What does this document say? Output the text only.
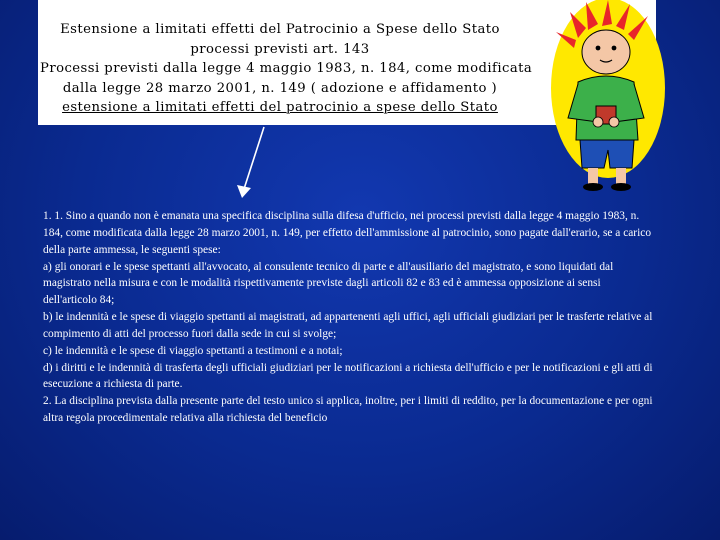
Estensione a limitati effetti del Patrocinio a Spese dello Stato
processi previsti art. 143
Processi previsti dalla legge 4 maggio 1983, n. 184, come modificata
dalla legge 28 marzo 2001, n. 149 ( adozione e affidamento )
estensione a limitati effetti del patrocinio a spese dello Stato

1. 1. Sino a quando non è emanata una specifica disciplina sulla difesa d'ufficio, nei processi previsti dalla legge 4 maggio 1983, n. 184, come modificata dalla legge 28 marzo 2001, n. 149, per effetto dell'ammissione al patrocinio, sono pagate dall'erario, se a carico della parte ammessa, le seguenti spese:

a) gli onorari e le spese spettanti all'avvocato, al consulente tecnico di parte e all'ausiliario del magistrato, e sono liquidati dal magistrato nella misura e con le modalità rispettivamente previste dagli articoli 82 e 83 ed è ammessa opposizione ai sensi dell'articolo 84;

b) le indennità e le spese di viaggio spettanti ai magistrati, ad appartenenti agli uffici, agli ufficiali giudiziari per le trasferte relative al compimento di atti del processo fuori dalla sede in cui si svolge;

c) le indennità e le spese di viaggio spettanti a testimoni e a notai;

d) i diritti e le indennità di trasferta degli ufficiali giudiziari per le notificazioni a richiesta dell'ufficio e per le notificazioni e gli atti di esecuzione a richiesta di parte.

2. La disciplina prevista dalla presente parte del testo unico si applica, inoltre, per i limiti di reddito, per la documentazione e per ogni altra regola procedimentale relativa alla richiesta del beneficio
